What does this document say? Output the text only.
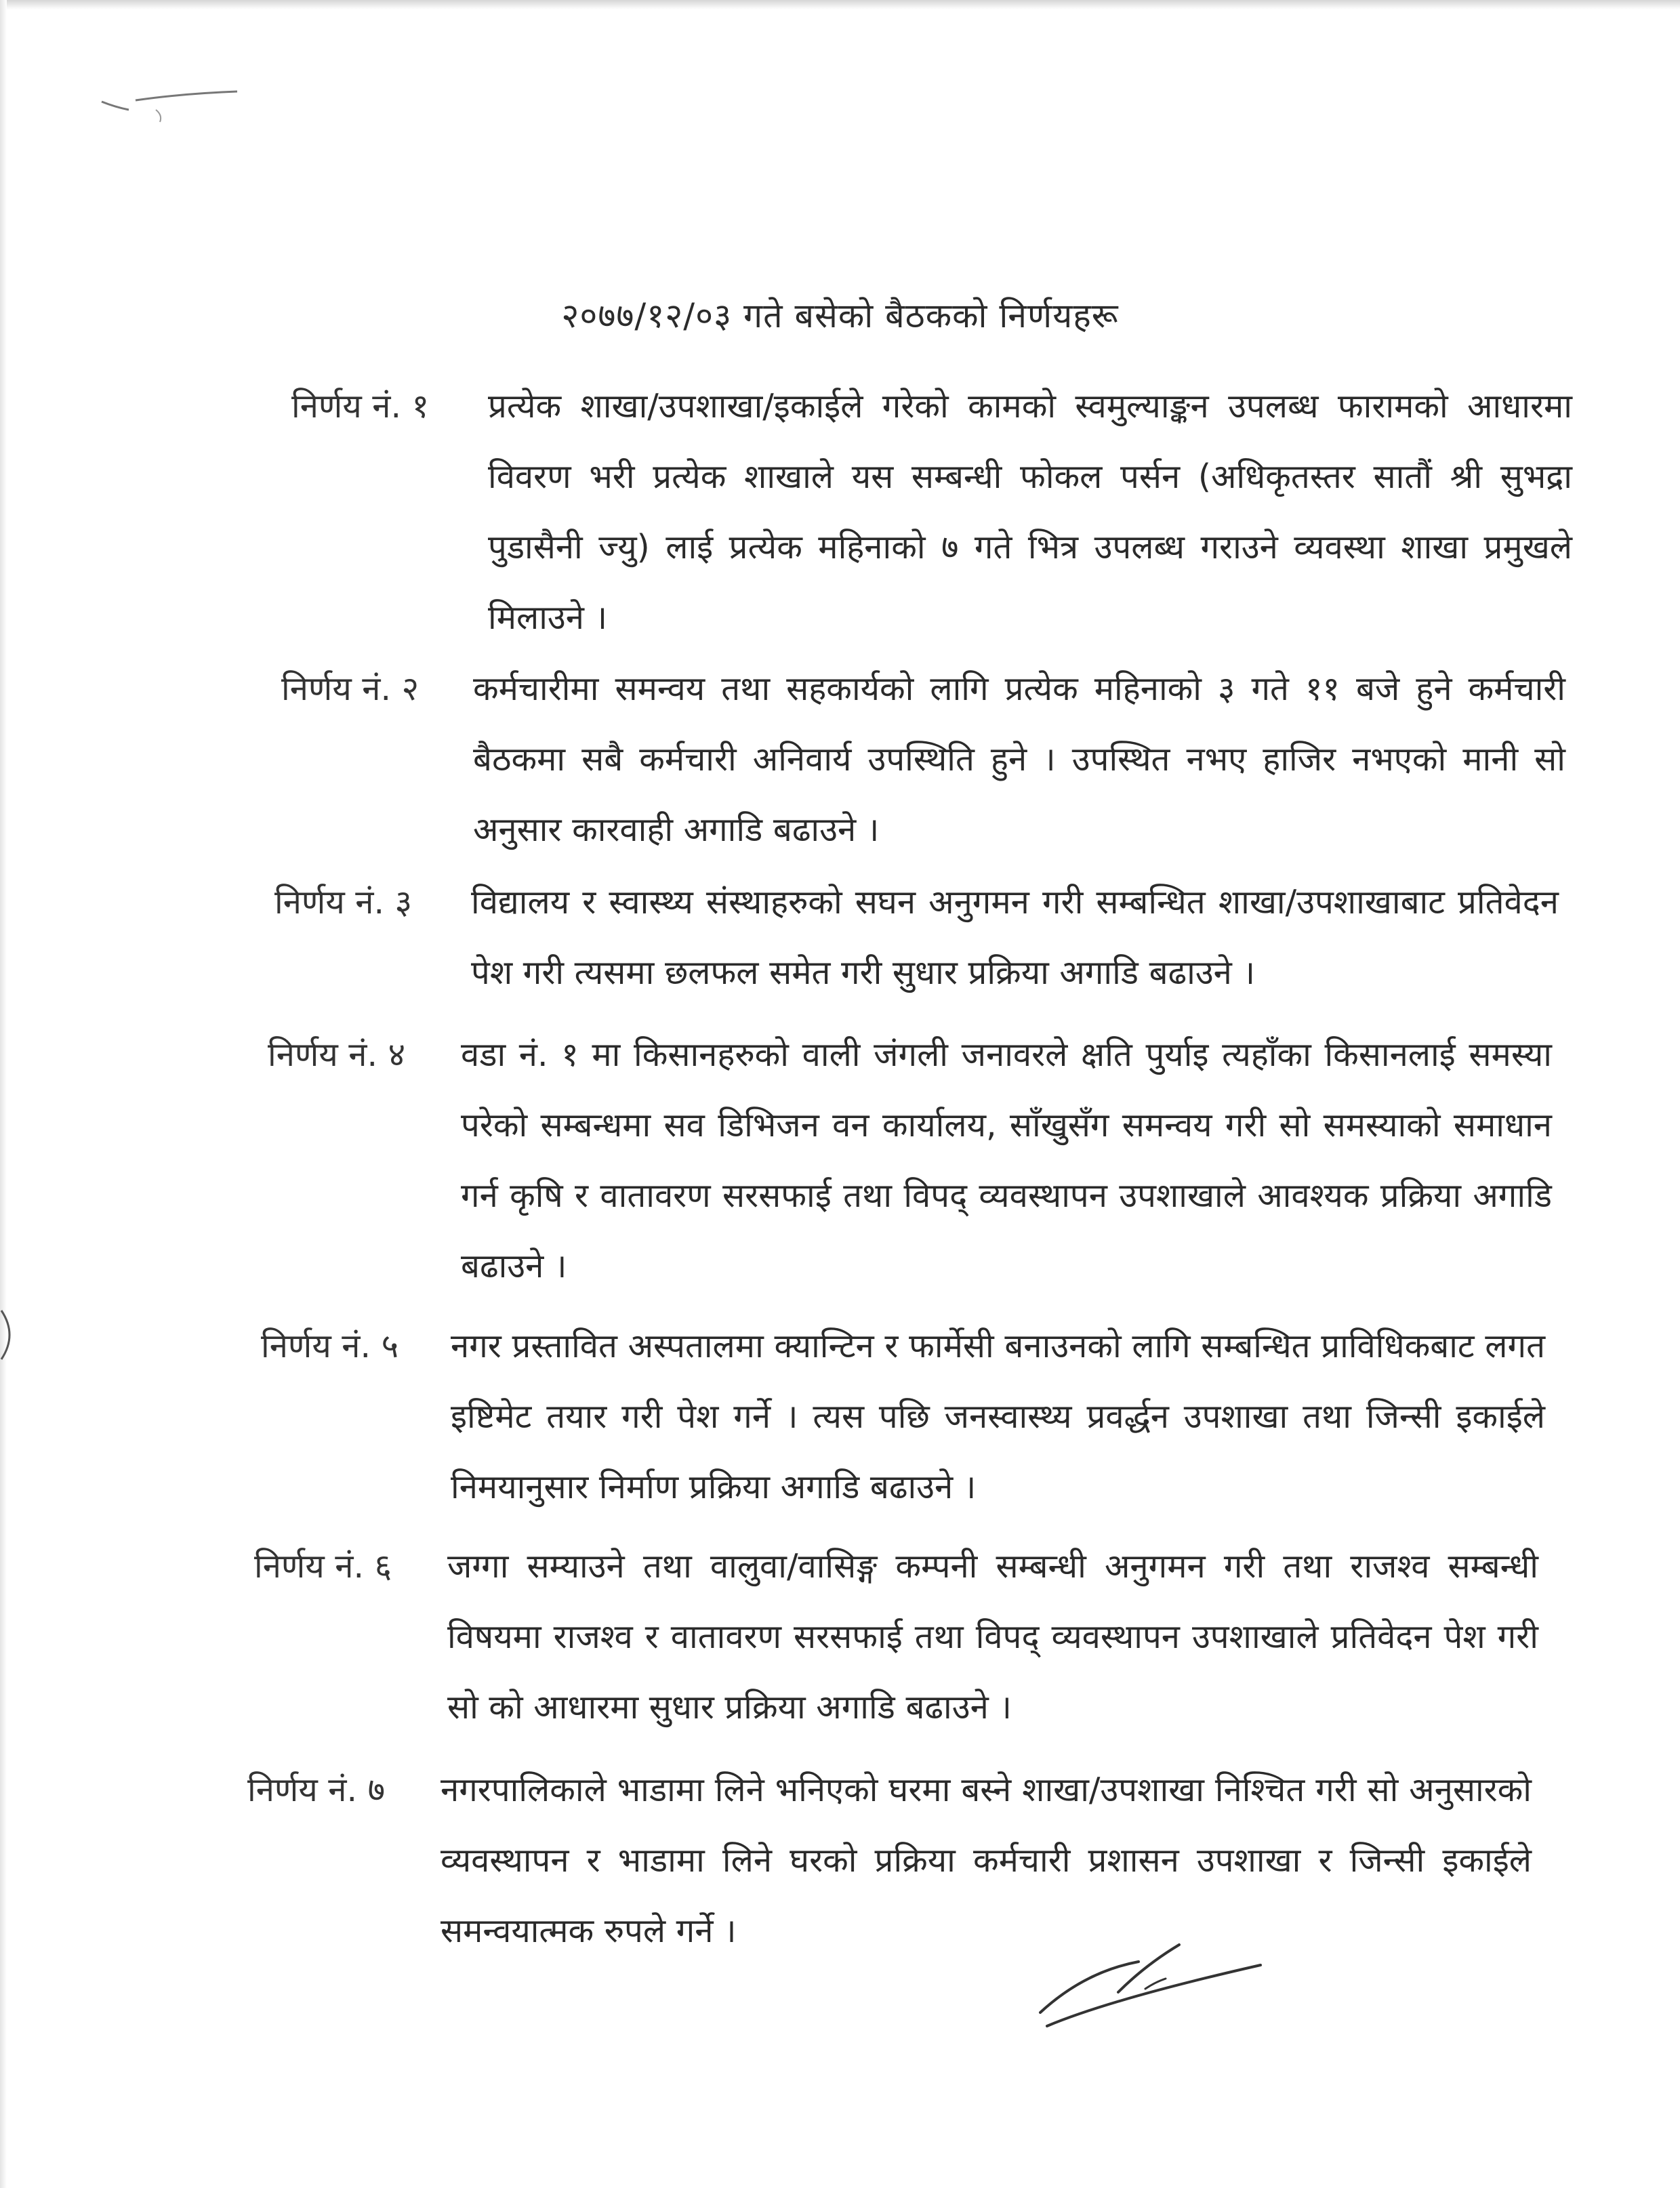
२०७७/१२/०३ गते बसेको बैठकको निर्णयहरू
निर्णय नं. १ प्रत्येक शाखा/उपशाखा/इकाईले गरेको कामको स्वमुल्याङ्कन उपलब्ध फारामको आधारमा विवरण भरी प्रत्येक शाखाले यस सम्बन्धी फोकल पर्सन (अधिकृतस्तर सातौं श्री सुभद्रा पुडासैनी ज्यु) लाई प्रत्येक महिनाको ७ गते भित्र उपलब्ध गराउने व्यवस्था शाखा प्रमुखले मिलाउने ।
निर्णय नं. २ कर्मचारीमा समन्वय तथा सहकार्यको लागि प्रत्येक महिनाको ३ गते ११ बजे हुने कर्मचारी बैठकमा सबै कर्मचारी अनिवार्य उपस्थिति हुने । उपस्थित नभए हाजिर नभएको मानी सो अनुसार कारवाही अगाडि बढाउने ।
निर्णय नं. ३ विद्यालय र स्वास्थ्य संस्थाहरुको सघन अनुगमन गरी सम्बन्धित शाखा/उपशाखाबाट प्रतिवेदन पेश गरी त्यसमा छलफल समेत गरी सुधार प्रक्रिया अगाडि बढाउने ।
निर्णय नं. ४ वडा नं. १ मा किसानहरुको वाली जंगली जनावरले क्षति पुर्याइ त्यहाँका किसानलाई समस्या परेको सम्बन्धमा सव डिभिजन वन कार्यालय, साँखुसँग समन्वय गरी सो समस्याको समाधान गर्न कृषि र वातावरण सरसफाई तथा विपद् व्यवस्थापन उपशाखाले आवश्यक प्रक्रिया अगाडि बढाउने ।
निर्णय नं. ५ नगर प्रस्तावित अस्पतालमा क्यान्टिन र फार्मेसी बनाउनको लागि सम्बन्धित प्राविधिकबाट लगत इष्टिमेट तयार गरी पेश गर्ने । त्यस पछि जनस्वास्थ्य प्रवर्द्धन उपशाखा तथा जिन्सी इकाईले निमयानुसार निर्माण प्रक्रिया अगाडि बढाउने ।
निर्णय नं. ६ जग्गा सम्याउने तथा वालुवा/वासिङ्ग कम्पनी सम्बन्धी अनुगमन गरी तथा राजश्व सम्बन्धी विषयमा राजश्व र वातावरण सरसफाई तथा विपद् व्यवस्थापन उपशाखाले प्रतिवेदन पेश गरी सो को आधारमा सुधार प्रक्रिया अगाडि बढाउने ।
निर्णय नं. ७ नगरपालिकाले भाडामा लिने भनिएको घरमा बस्ने शाखा/उपशाखा निश्चित गरी सो अनुसारको व्यवस्थापन र भाडामा लिने घरको प्रक्रिया कर्मचारी प्रशासन उपशाखा र जिन्सी इकाईले समन्वयात्मक रुपले गर्ने ।
